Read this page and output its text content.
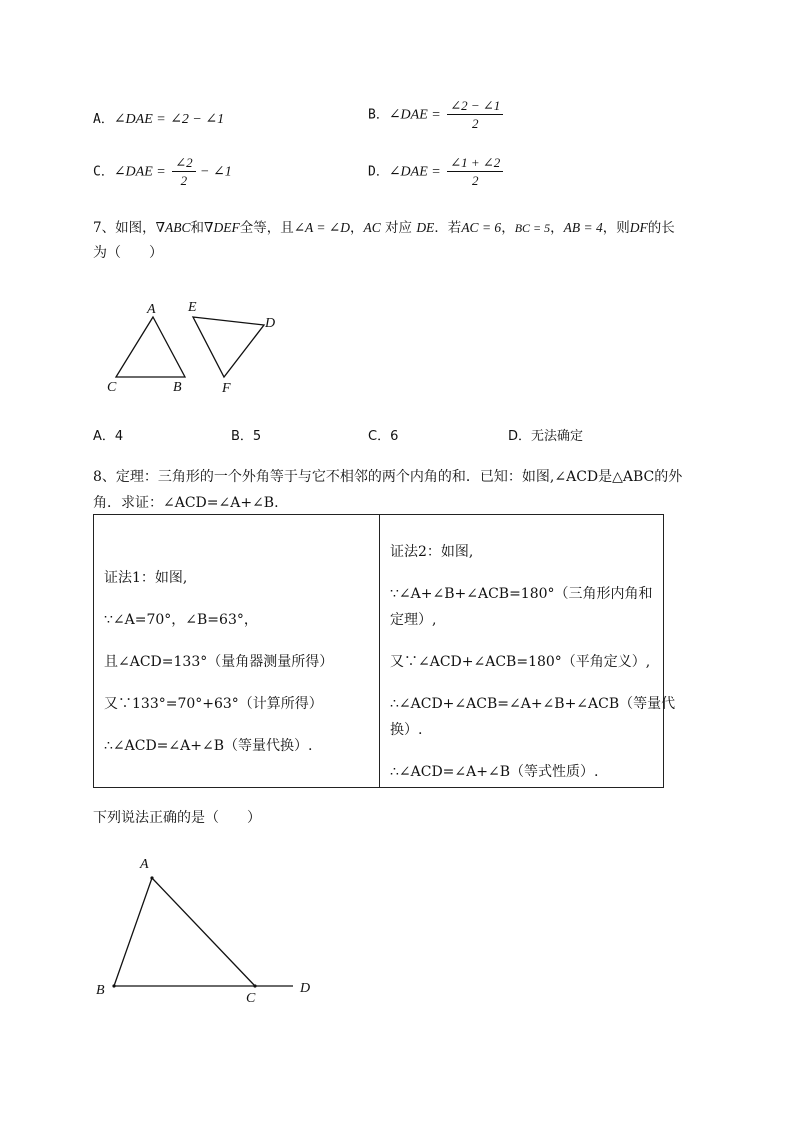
A．∠DAE = ∠2 − ∠1	B．∠DAE = $\frac{\angle 2 - \angle 1}{2}$
C．∠DAE = $\frac{\angle 2}{2}$ − ∠1	D．∠DAE = $\frac{\angle 1 + \angle 2}{2}$
7、如图，∇ABC和∇DEF全等，且∠A = ∠D，AC 对应 DE．若AC = 6，BC = 5，AB = 4，则DF的长
为（　　）
A
C	B
E
D
F
A．4	B．5	C．6	D．无法确定
8、定理：三角形的一个外角等于与它不相邻的两个内角的和．已知：如图,∠ACD是△ABC的外
角．求证：∠ACD=∠A+∠B.
证法1：如图,
∵∠A=70°，∠B=63°，
且∠ACD=133°（量角器测量所得）
又∵133°=70°+63°（计算所得）
∴∠ACD=∠A+∠B（等量代换）.

证法2：如图,
∵∠A+∠B+∠ACB=180°（三角形内角和
定理）,
又∵∠ACD+∠ACB=180°（平角定义）,
∴∠ACD+∠ACB=∠A+∠B+∠ACB（等量代
换）.
∴∠ACD=∠A+∠B（等式性质）.
下列说法正确的是（　　）
A
B
C
D
